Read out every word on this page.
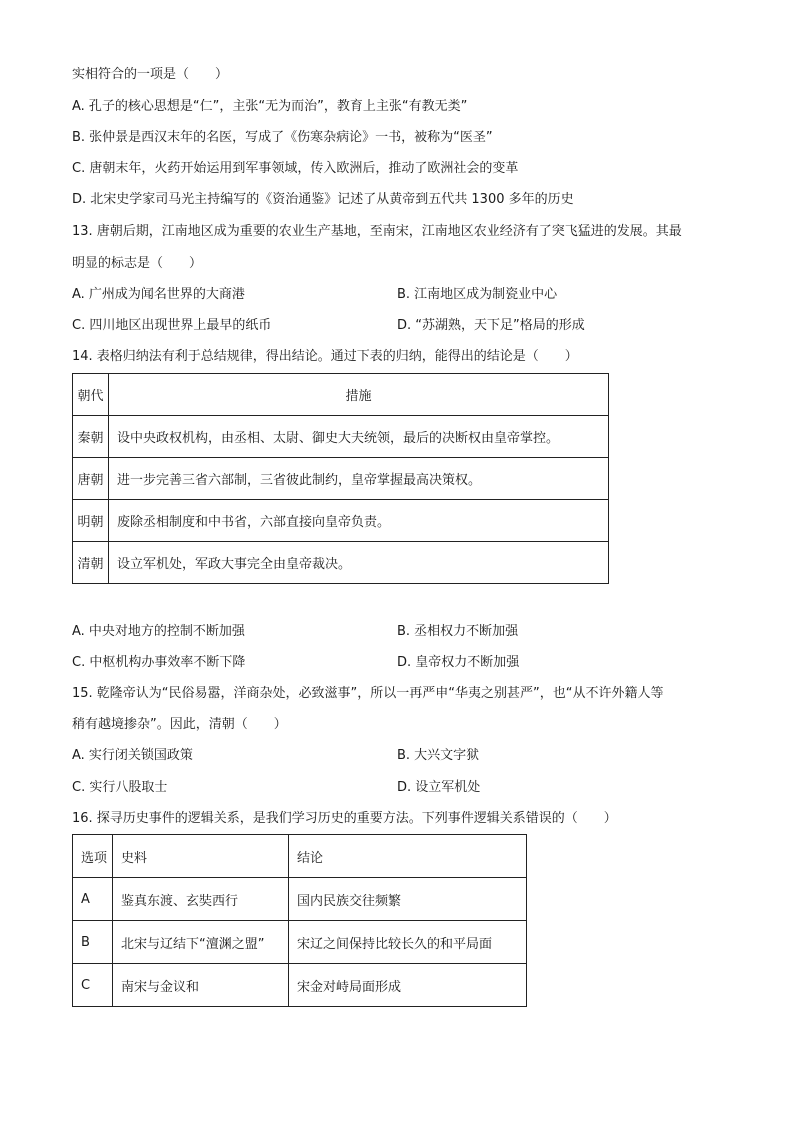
实相符合的一项是（　　）
A. 孔子的核心思想是“仁”，主张“无为而治”，教育上主张“有教无类”
B. 张仲景是西汉末年的名医，写成了《伤寒杂病论》一书，被称为“医圣”
C. 唐朝末年，火药开始运用到军事领域，传入欧洲后，推动了欧洲社会的变革
D. 北宋史学家司马光主持编写的《资治通鉴》记述了从黄帝到五代共 1300 多年的历史
13. 唐朝后期，江南地区成为重要的农业生产基地，至南宋，江南地区农业经济有了突飞猛进的发展。其最
明显的标志是（　　）
A. 广州成为闻名世界的大商港	B. 江南地区成为制瓷业中心
C. 四川地区出现世界上最早的纸币	D. “苏湖熟，天下足”格局的形成
14. 表格归纳法有利于总结规律，得出结论。通过下表的归纳，能得出的结论是（　　）
朝代	措施
秦朝	设中央政权机构，由丞相、太尉、御史大夫统领，最后的决断权由皇帝掌控。
唐朝	进一步完善三省六部制，三省彼此制约，皇帝掌握最高决策权。
明朝	废除丞相制度和中书省，六部直接向皇帝负责。
清朝	设立军机处，军政大事完全由皇帝裁决。
A. 中央对地方的控制不断加强	B. 丞相权力不断加强
C. 中枢机构办事效率不断下降	D. 皇帝权力不断加强
15. 乾隆帝认为“民俗易嚣，洋商杂处，必致滋事”，所以一再严申“华夷之别甚严”，也“从不许外籍人等
稍有越境掺杂”。因此，清朝（　　）
A. 实行闭关锁国政策	B. 大兴文字狱
C. 实行八股取士	D. 设立军机处
16. 探寻历史事件的逻辑关系，是我们学习历史的重要方法。下列事件逻辑关系错误的（　　）
选项	史料	结论
A	鉴真东渡、玄奘西行	国内民族交往频繁
B	北宋与辽结下“澶渊之盟”	宋辽之间保持比较长久的和平局面
C	南宋与金议和	宋金对峙局面形成
